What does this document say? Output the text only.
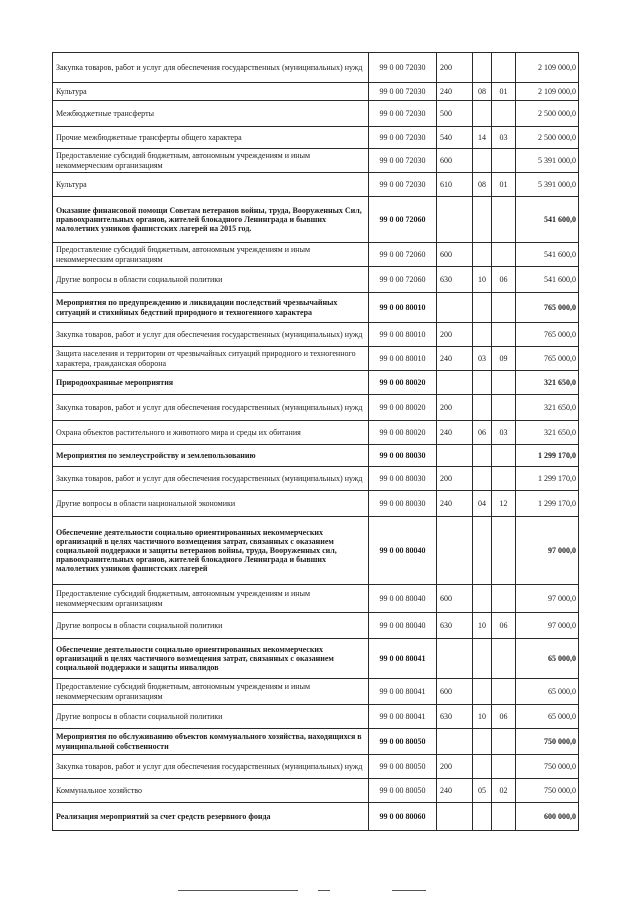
Закупка товаров, работ и услуг для обеспечения государственных (муниципальных) нужд	99 0 00 72030	200			2 109 000,0
Культура	99 0 00 72030	240	08	01	2 109 000,0
Межбюджетные трансферты	99 0 00 72030	500			2 500 000,0
Прочие межбюджетные трансферты общего характера	99 0 00 72030	540	14	03	2 500 000,0
Предоставление субсидий бюджетным, автономным учреждениям и иным некоммерческим организациям	99 0 00 72030	600			5 391 000,0
Культура	99 0 00 72030	610	08	01	5 391 000,0
Оказание финансовой помощи Советам ветеранов войны, труда, Вооруженных Сил, правоохранительных органов, жителей блокадного Ленинграда и бывших малолетних узников фашистских лагерей на 2015 год.	99 0 00 72060				541 600,0
Предоставление субсидий бюджетным, автономным учреждениям и иным некоммерческим организациям	99 0 00 72060	600			541 600,0
Другие вопросы в области социальной политики	99 0 00 72060	630	10	06	541 600,0
Мероприятия по предупреждению и ликвидации последствий чрезвычайных ситуаций и стихийных бедствий природного и техногенного характера	99 0 00 80010				765 000,0
Закупка товаров, работ и услуг для обеспечения государственных (муниципальных) нужд	99 0 00 80010	200			765 000,0
Защита населения и территории от чрезвычайных ситуаций природного и техногенного характера, гражданская оборона	99 0 00 80010	240	03	09	765 000,0
Природоохранные мероприятия	99 0 00 80020				321 650,0
Закупка товаров, работ и услуг для обеспечения государственных (муниципальных) нужд	99 0 00 80020	200			321 650,0
Охрана объектов растительного и животного мира и среды их обитания	99 0 00 80020	240	06	03	321 650,0
Мероприятия по землеустройству и землепользованию	99 0 00 80030				1 299 170,0
Закупка товаров, работ и услуг для обеспечения государственных (муниципальных) нужд	99 0 00 80030	200			1 299 170,0
Другие вопросы в области национальной экономики	99 0 00 80030	240	04	12	1 299 170,0
Обеспечение деятельности социально ориентированных некоммерческих организаций в целях частичного возмещения затрат, связанных с оказанием социальной поддержки и защиты ветеранов войны, труда, Вооруженных сил, правоохранительных органов, жителей блокадного Ленинграда и бывших малолетних узников фашистских лагерей	99 0 00 80040				97 000,0
Предоставление субсидий бюджетным, автономным учреждениям и иным некоммерческим организациям	99 0 00 80040	600			97 000,0
Другие вопросы в области социальной политики	99 0 00 80040	630	10	06	97 000,0
Обеспечение деятельности социально ориентированных некоммерческих организаций в целях частичного возмещения затрат, связанных с оказанием социальной поддержки и защиты инвалидов	99 0 00 80041				65 000,0
Предоставление субсидий бюджетным, автономным учреждениям и иным некоммерческим организациям	99 0 00 80041	600			65 000,0
Другие вопросы в области социальной политики	99 0 00 80041	630	10	06	65 000,0
Мероприятия по обслуживанию объектов коммунального хозяйства, находящихся в муниципальной собственности	99 0 00 80050				750 000,0
Закупка товаров, работ и услуг для обеспечения государственных (муниципальных) нужд	99 0 00 80050	200			750 000,0
Коммунальное хозяйство	99 0 00 80050	240	05	02	750 000,0
Реализация мероприятий за счет средств резервного фонда	99 0 00 80060				600 000,0
